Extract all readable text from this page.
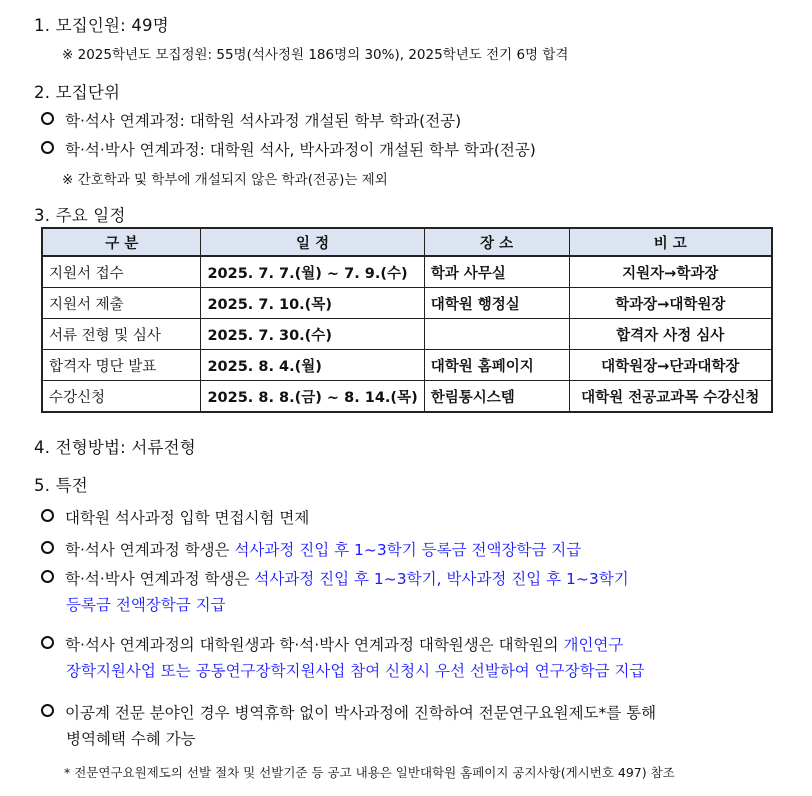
1. 모집인원: 49명
※ 2025학년도 모집정원: 55명(석사정원 186명의 30%), 2025학년도 전기 6명 합격
2. 모집단위
학·석사 연계과정: 대학원 석사과정 개설된 학부 학과(전공)
학·석·박사 연계과정: 대학원 석사, 박사과정이 개설된 학부 학과(전공)
※ 간호학과 및 학부에 개설되지 않은 학과(전공)는 제외
3. 주요 일정
구 분	일 정	장 소	비 고
지원서 접수	2025. 7. 7.(월) ~ 7. 9.(수)	학과 사무실	지원자→학과장
지원서 제출	2025. 7. 10.(목)	대학원 행정실	학과장→대학원장
서류 전형 및 심사	2025. 7. 30.(수)		합격자 사정 심사
합격자 명단 발표	2025. 8. 4.(월)	대학원 홈페이지	대학원장→단과대학장
수강신청	2025. 8. 8.(금) ~ 8. 14.(목)	한림통시스템	대학원 전공교과목 수강신청
4. 전형방법: 서류전형
5. 특전
대학원 석사과정 입학 면접시험 면제
학·석사 연계과정 학생은 석사과정 진입 후 1~3학기 등록금 전액장학금 지급
학·석·박사 연계과정 학생은 석사과정 진입 후 1~3학기, 박사과정 진입 후 1~3학기
등록금 전액장학금 지급
학·석사 연계과정의 대학원생과 학·석·박사 연계과정 대학원생은 대학원의 개인연구
장학지원사업 또는 공동연구장학지원사업 참여 신청시 우선 선발하여 연구장학금 지급
이공계 전문 분야인 경우 병역휴학 없이 박사과정에 진학하여 전문연구요원제도*를 통해
병역혜택 수혜 가능
* 전문연구요원제도의 선발 절차 및 선발기준 등 공고 내용은 일반대학원 홈페이지 공지사항(게시번호 497) 참조
